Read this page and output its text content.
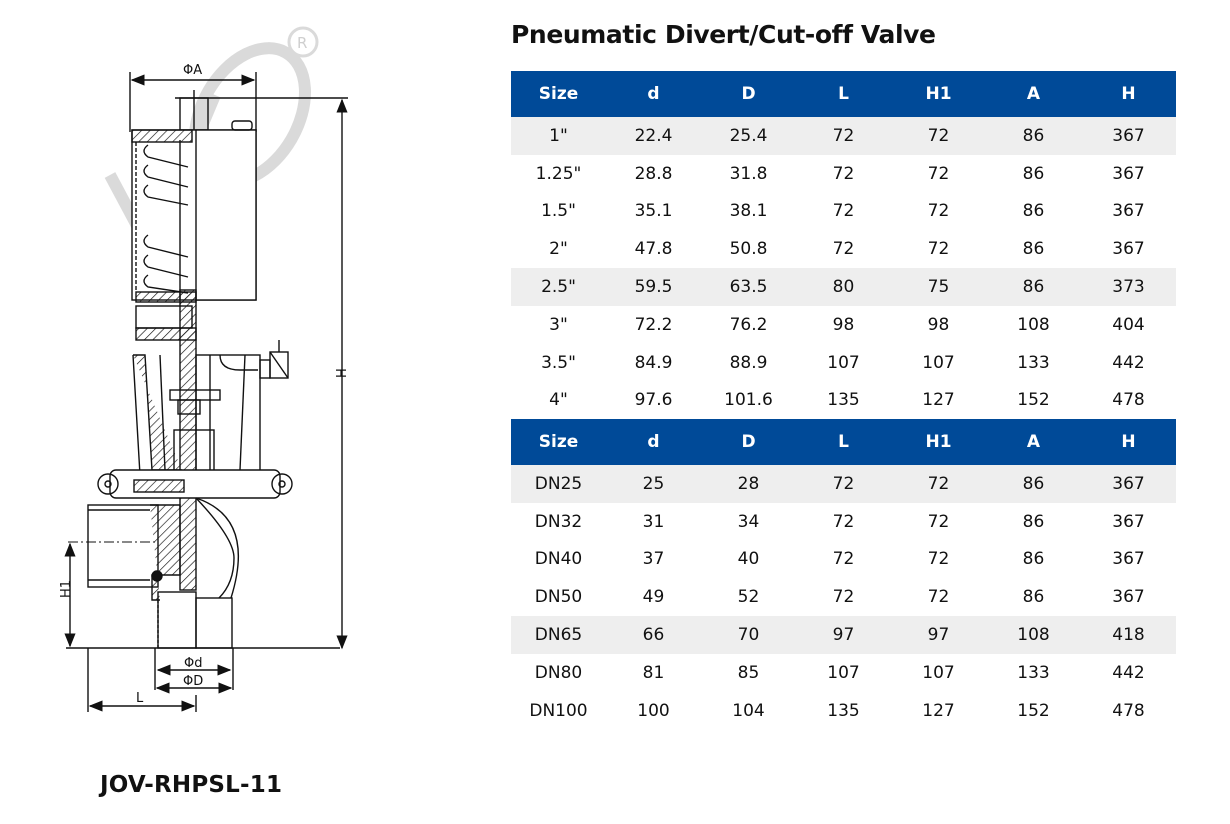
R
ΦA
H
H1
Φd
ΦD
L
Pneumatic Divert/Cut-off Valve
Size	d	D	L	H1	A	H
1"	22.4	25.4	72	72	86	367
1.25"	28.8	31.8	72	72	86	367
1.5"	35.1	38.1	72	72	86	367
2"	47.8	50.8	72	72	86	367
2.5"	59.5	63.5	80	75	86	373
3"	72.2	76.2	98	98	108	404
3.5"	84.9	88.9	107	107	133	442
4"	97.6	101.6	135	127	152	478
Size	d	D	L	H1	A	H
DN25	25	28	72	72	86	367
DN32	31	34	72	72	86	367
DN40	37	40	72	72	86	367
DN50	49	52	72	72	86	367
DN65	66	70	97	97	108	418
DN80	81	85	107	107	133	442
DN100	100	104	135	127	152	478
JOV-RHPSL-11
